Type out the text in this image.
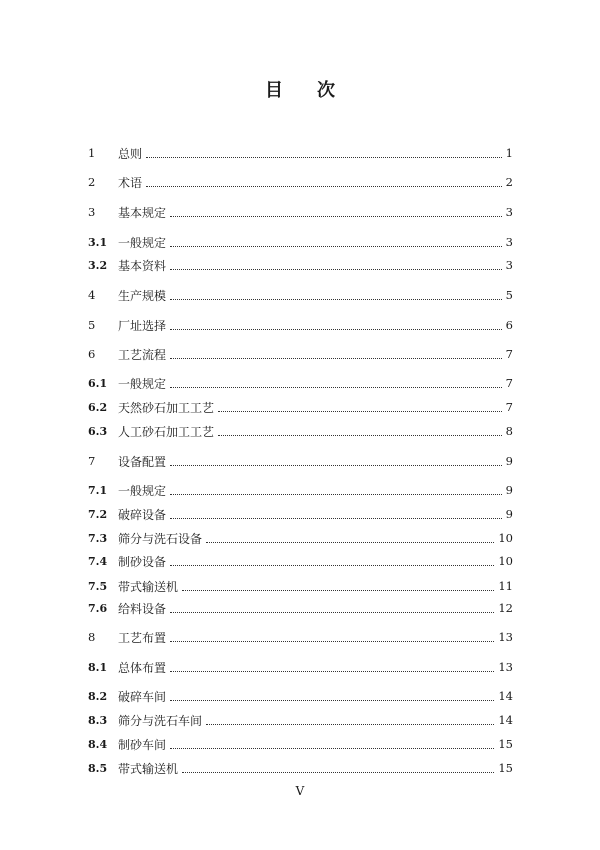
目 次
1	总则	1
2	术语	2
3	基本规定	3
3.1 一般规定	3
3.2 基本资料	3
4	生产规模	5
5	厂址选择	6
6	工艺流程	7
6.1 一般规定	7
6.2 天然砂石加工工艺	7
6.3 人工砂石加工工艺	8
7	设备配置	9
7.1 一般规定	9
7.2 破碎设备	9
7.3 筛分与洗石设备	10
7.4 制砂设备	10
7.5 带式输送机	11
7.6 给料设备	12
8	工艺布置	13
8.1 总体布置	13
8.2 破碎车间	14
8.3 筛分与洗石车间	14
8.4 制砂车间	15
8.5 带式输送机	15
V
